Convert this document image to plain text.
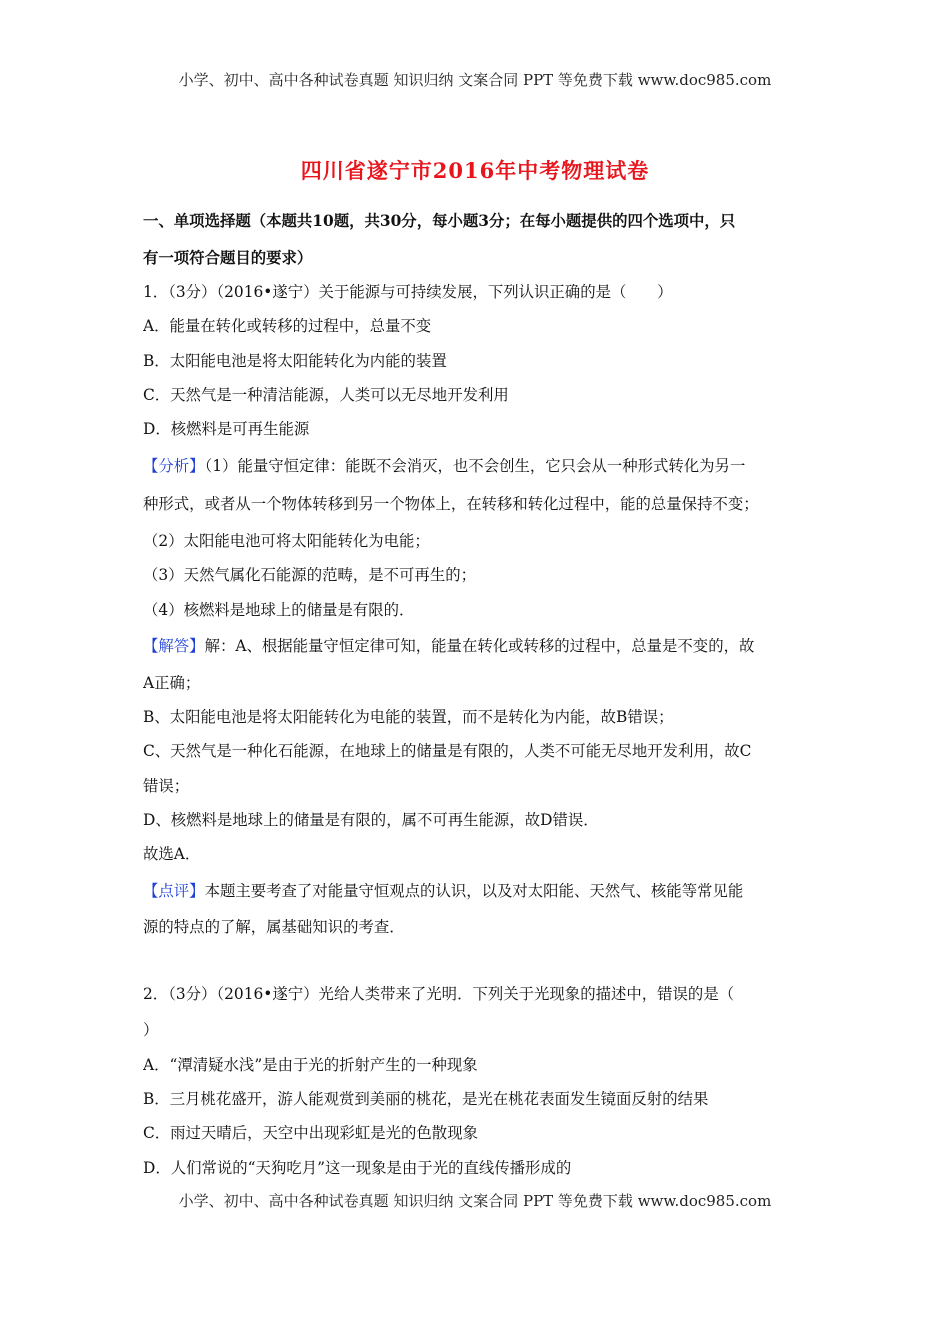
小学、初中、高中各种试卷真题 知识归纳 文案合同 PPT 等免费下载 www.doc985.com
四川省遂宁市2016年中考物理试卷
一、单项选择题（本题共10题，共30分，每小题3分；在每小题提供的四个选项中，只
有一项符合题目的要求）
1．（3分）（2016•遂宁）关于能源与可持续发展，下列认识正确的是（　　）
A．能量在转化或转移的过程中，总量不变
B．太阳能电池是将太阳能转化为内能的装置
C．天然气是一种清洁能源，人类可以无尽地开发利用
D．核燃料是可再生能源
【分析】（1）能量守恒定律：能既不会消灭，也不会创生，它只会从一种形式转化为另一
种形式，或者从一个物体转移到另一个物体上，在转移和转化过程中，能的总量保持不变；
（2）太阳能电池可将太阳能转化为电能；
（3）天然气属化石能源的范畴，是不可再生的；
（4）核燃料是地球上的储量是有限的．
【解答】解：A、根据能量守恒定律可知，能量在转化或转移的过程中，总量是不变的，故
A正确；
B、太阳能电池是将太阳能转化为电能的装置，而不是转化为内能，故B错误；
C、天然气是一种化石能源，在地球上的储量是有限的，人类不可能无尽地开发利用，故C
错误；
D、核燃料是地球上的储量是有限的，属不可再生能源，故D错误．
故选A．
【点评】本题主要考查了对能量守恒观点的认识，以及对太阳能、天然气、核能等常见能
源的特点的了解，属基础知识的考查．
2．（3分）（2016•遂宁）光给人类带来了光明．下列关于光现象的描述中，错误的是（
）
A．“潭清疑水浅”是由于光的折射产生的一种现象
B．三月桃花盛开，游人能观赏到美丽的桃花，是光在桃花表面发生镜面反射的结果
C．雨过天晴后，天空中出现彩虹是光的色散现象
D．人们常说的“天狗吃月”这一现象是由于光的直线传播形成的
小学、初中、高中各种试卷真题 知识归纳 文案合同 PPT 等免费下载 www.doc985.com
